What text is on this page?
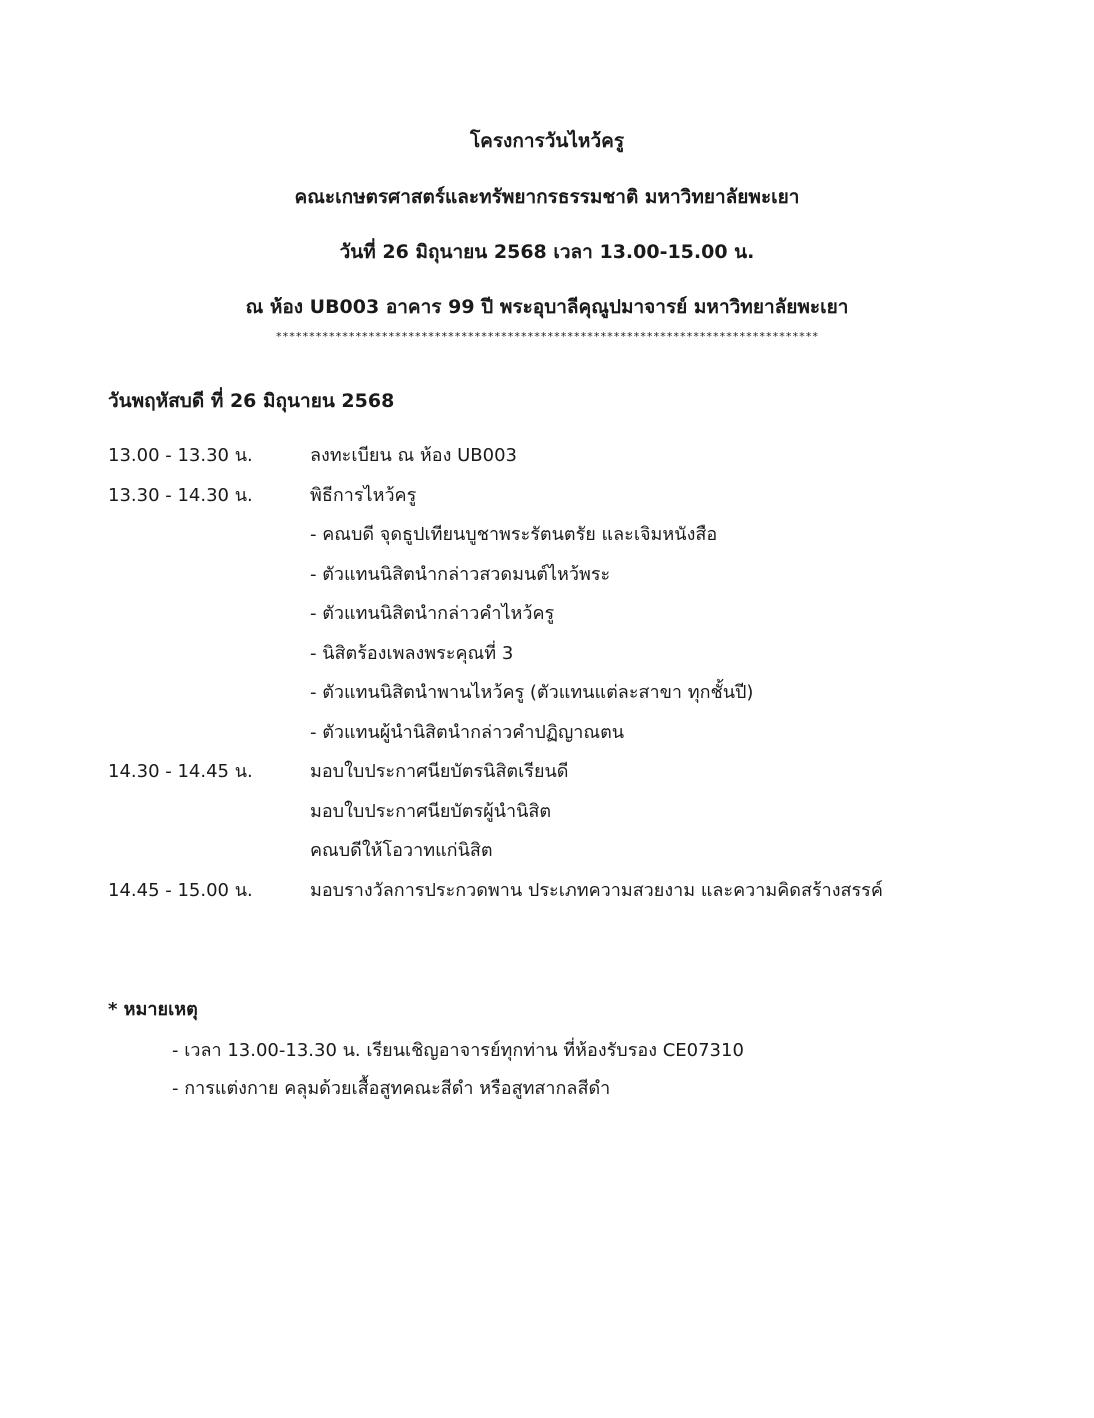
โครงการวันไหว้ครู
คณะเกษตรศาสตร์และทรัพยากรธรรมชาติ มหาวิทยาลัยพะเยา
วันที่ 26 มิถุนายน 2568 เวลา 13.00-15.00 น.
ณ ห้อง UB003 อาคาร 99 ปี พระอุบาลีคุณูปมาจารย์ มหาวิทยาลัยพะเยา
**********************************************************************************
วันพฤหัสบดี ที่ 26 มิถุนายน 2568
13.00 - 13.30 น.	ลงทะเบียน ณ ห้อง UB003
13.30 - 14.30 น.	พิธีการไหว้ครู
- คณบดี จุดธูปเทียนบูชาพระรัตนตรัย และเจิมหนังสือ
- ตัวแทนนิสิตนำกล่าวสวดมนต์ไหว้พระ
- ตัวแทนนิสิตนำกล่าวคำไหว้ครู
- นิสิตร้องเพลงพระคุณที่ 3
- ตัวแทนนิสิตนำพานไหว้ครู (ตัวแทนแต่ละสาขา ทุกชั้นปี)
- ตัวแทนผู้นำนิสิตนำกล่าวคำปฏิญาณตน
14.30 - 14.45 น.	มอบใบประกาศนียบัตรนิสิตเรียนดี
มอบใบประกาศนียบัตรผู้นำนิสิต
คณบดีให้โอวาทแก่นิสิต
14.45 - 15.00 น.	มอบรางวัลการประกวดพาน ประเภทความสวยงาม และความคิดสร้างสรรค์
* หมายเหตุ
- เวลา 13.00-13.30 น. เรียนเชิญอาจารย์ทุกท่าน ที่ห้องรับรอง CE07310
- การแต่งกาย คลุมด้วยเสื้อสูทคณะสีดำ หรือสูทสากลสีดำ
